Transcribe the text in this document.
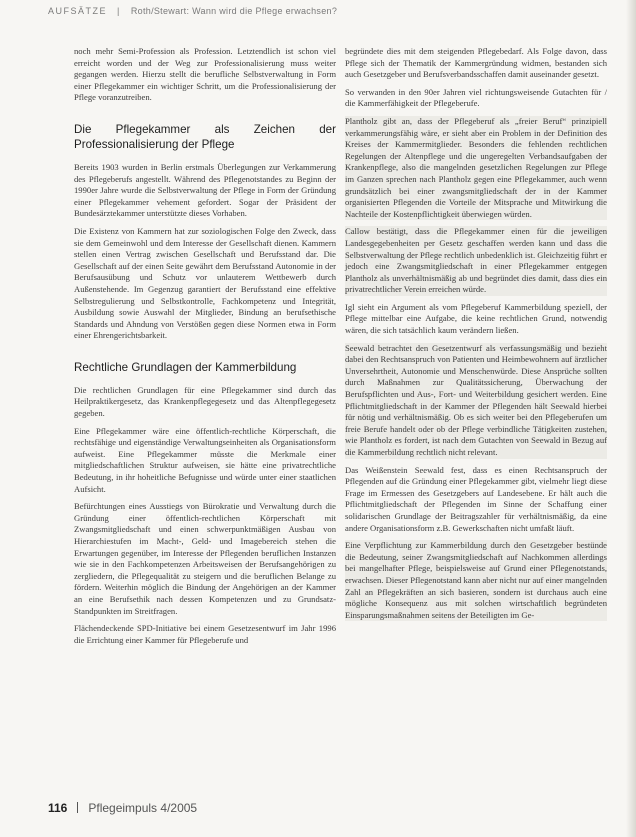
AUFSÄTZE | Roth/Stewart: Wann wird die Pflege erwachsen?

noch mehr Semi-Profession als Profession. Letztendlich ist schon viel erreicht worden und der Weg zur Professionalisierung muss weiter gegangen werden. Hierzu stellt die berufliche Selbstverwaltung in Form einer Pflegekammer ein wichtiger Schritt, um die Professionalisierung der Pflege voranzutreiben.

Die Pflegekammer als Zeichen der Professionalisierung der Pflege

Bereits 1903 wurden in Berlin erstmals Überlegungen zur Verkammerung des Pflegeberufs angestellt. Während des Pflegenotstandes zu Beginn der 1990er Jahre wurde die Selbstverwaltung der Pflege in Form der Gründung einer Pflegekammer vehement gefordert. Sogar der Präsident der Bundesärztekammer unterstützte dieses Vorhaben.

Die Existenz von Kammern hat zur soziologischen Folge den Zweck, dass sie dem Gemeinwohl und dem Interesse der Gesellschaft dienen. Kammern stellen einen Vertrag zwischen Gesellschaft und Berufsstand dar. Die Gesellschaft auf der einen Seite gewährt dem Berufsstand Autonomie in der Berufsausübung und Schutz vor unlauterem Wettbewerb durch Außenstehende. Im Gegenzug garantiert der Berufsstand eine effektive Selbstregulierung und Selbstkontrolle, Fachkompetenz und Integrität, Ausbildung sowie Auswahl der Mitglieder, Bindung an berufsethische Standards und Ahndung von Verstößen gegen diese Normen etwa in Form einer Ehrengerichtsbarkeit.

Rechtliche Grundlagen der Kammerbildung

Die rechtlichen Grundlagen für eine Pflegekammer sind durch das Heilpraktikergesetz, das Krankenpflegegesetz und das Altenpflegegesetz gegeben.

Eine Pflegekammer wäre eine öffentlich-rechtliche Körperschaft, die rechtsfähige und eigenständige Verwaltungseinheiten als Organisationsform aufweist. Eine Pflegekammer müsste die Merkmale einer mitgliedschaftlichen Struktur aufweisen, sie hätte eine privatrechtliche Bedeutung, in ihr hoheitliche Befugnisse und würde unter einer staatlichen Aufsicht.

Befürchtungen eines Ausstiegs von Bürokratie und Verwaltung durch die Gründung einer öffentlich-rechtlichen Körperschaft mit Zwangsmitgliedschaft und einen schwerpunktmäßigen Ausbau von Hierarchiestufen im Macht-, Geld- und Imagebereich stehen die Erwartungen gegenüber, im Interesse der Pflegenden beruflichen Instanzen wie sie in den Fachkompetenzen Arbeitsweisen der Berufsangehörigen zu zergliedern, die Pflegequalität zu steigern und die beruflichen Belange zu fördern. Weiterhin möglich die Bindung der Angehörigen an der Kammer an eine Berufsethik nach dessen Kompetenzen und zu Grundsatz-Standpunkten im Streitfragen.

Flächendeckende SPD-Initiative bei einem Gesetzesentwurf im Jahr 1996 die Errichtung einer Kammer für Pflegeberufe und

begründete dies mit dem steigenden Pflegebedarf. Als Folge davon, dass Pflege sich der Thematik der Kammergründung widmen, bestanden sich auch Gesetzgeber und Berufsverbandsschaffen damit auseinander gesetzt.

So verwanden in den 90er Jahren viel richtungsweisende Gutachten für / die Kammerfähigkeit der Pflegeberufe.

Plantholz gibt an, dass der Pflegeberuf als „freier Beruf“ prinzipiell verkammerungsfähig wäre, er sieht aber ein Problem in der Definition des Kreises der Kammermitglieder. Besonders die fehlenden rechtlichen Regelungen der Altenpflege und die ungeregelten Verbandsaufgaben der Krankenpflege, also die mangelnden gesetzlichen Regelungen zur Pflege im Ganzen sprechen nach Plantholz gegen eine Pflegekammer, auch wenn grundsätzlich bei einer zwangsmitgliedschaft der in der Kammer organisierten Pflegenden die Vorteile der Mitsprache und Mitwirkung die Nachteile der Kostenpflichtigkeit überwiegen würden.

Callow bestätigt, dass die Pflegekammer einen für die jeweiligen Landesgegebenheiten per Gesetz geschaffen werden kann und dass die Selbstverwaltung der Pflege rechtlich unbedenklich ist. Gleichzeitig führt er jedoch eine Zwangsmitgliedschaft in einer Pflegekammer entgegen Plantholz als unverhältnismäßig ab und begründet dies damit, dass dies ein privatrechtlicher Verein erreichen würde.

Igl sieht ein Argument als vom Pflegeberuf Kammerbildung speziell, der Pflege mittelbar eine Aufgabe, die keine rechtlichen Grund, notwendig wären, die sich tatsächlich kaum verändern ließen.

Seewald betrachtet den Gesetzentwurf als verfassungsmäßig und bezieht dabei den Rechtsanspruch von Patienten und Heimbewohnern auf ärztlicher Unversehrtheit, Autonomie und Menschenwürde. Diese Ansprüche sollten durch Maßnahmen zur Qualitätssicherung, Überwachung der Berufspflichten und Aus-, Fort- und Weiterbildung gesichert werden. Eine Pflichtmitgliedschaft in der Kammer der Pflegenden hält Seewald hierbei für nötig und verhältnismäßig. Ob es sich weiter bei den Pflegeberufen um freie Berufe handelt oder ob der Pflege verbindliche Tätigkeiten zustehen, wie Plantholz es fordert, ist nach dem Gutachten von Seewald in Bezug auf die Kammerbildung rechtlich nicht relevant.

Das Weißenstein Seewald fest, dass es einen Rechtsanspruch der Pflegenden auf die Gründung einer Pflegekammer gibt, vielmehr liegt diese Frage im Ermessen des Gesetzgebers auf Landesebene. Er hält auch die Pflichtmitgliedschaft der Pflegenden im Sinne der Schaffung einer solidarischen Grundlage der Beitragszahler für verhältnismäßig, da eine andere Organisationsform z.B. Gewerkschaften nicht umfaßt läuft.

Eine Verpflichtung zur Kammerbildung durch den Gesetzgeber bestünde die Bedeutung, seiner Zwangsmitgliedschaft auf Nachkommen allerdings bei mangelhafter Pflege, beispielsweise auf Grund einer Pflegenotstands, erwachsen. Dieser Pflegenotstand kann aber nicht nur auf einer mangelnden Zahl an Pflegekräften an sich basieren, sondern ist durchaus auch eine mögliche Konsequenz aus mit solchen wirtschaftlich begründeten Einsparungsmaßnahmen seitens der Beteiligten im Ge-

116 Pflegeimpuls 4/2005
